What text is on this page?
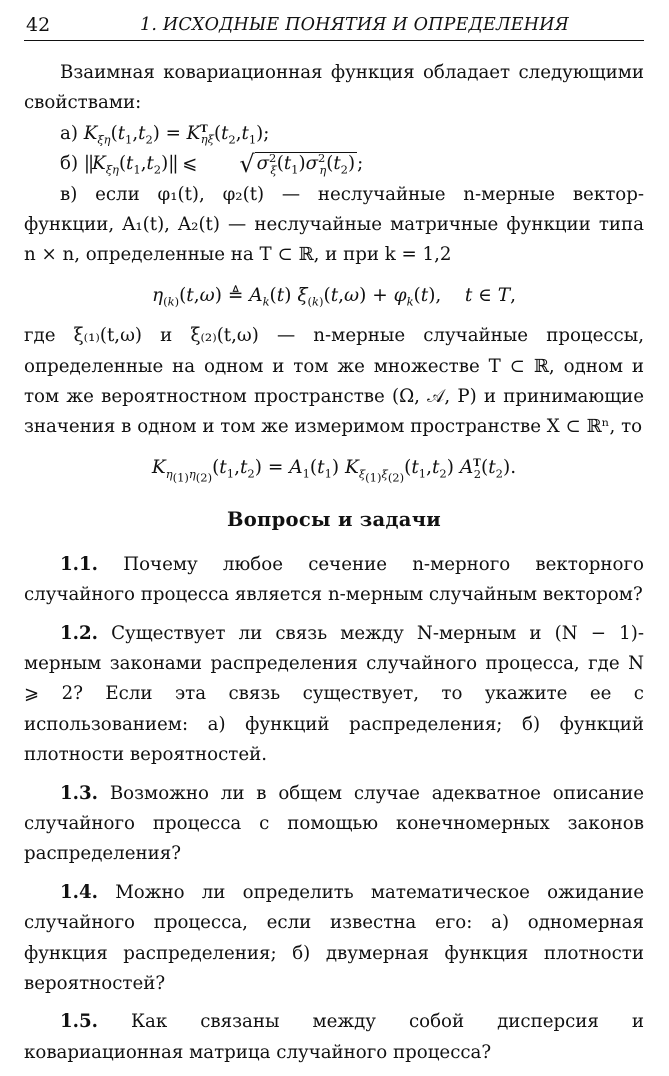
42	1. ИСХОДНЫЕ ПОНЯТИЯ И ОПРЕДЕЛЕНИЯ

Взаимная ковариационная функция обладает следующими свойствами:

а) $K_{\xi\eta}(t_1,t_2) = K^T_{\eta\xi}(t_2,t_1)$;

б) $||K_{\xi\eta}(t_1,t_2)||$ ⩽ √ $\sigma^2_\xi(t_1)\sigma^2_\eta(t_2)$ ;

в) если φ₁(t), φ₂(t) — неслучайные n-мерные вектор-функции, A₁(t), A₂(t) — неслучайные матричные функции типа n × n, определенные на T ⊂ ℝ, и при k = 1,2

$\eta_{(k)}(t,\omega)$ ≜ $A_k(t) \xi_{(k)}(t,\omega) + \varphi_k(t)$,    t ∈ T,

где ξ₍₁₎(t,ω) и ξ₍₂₎(t,ω) — n-мерные случайные процессы, определенные на одном и том же множестве T ⊂ ℝ, одном и том же вероятностном пространстве (Ω, 𝒜, P) и принимающие значения в одном и том же измеримом пространстве X ⊂ ℝⁿ, то

$K_{\eta_{(1)}\eta_{(2)}}(t_1,t_2) = A_1(t_1)$ $K_{\xi_{(1)}\xi_{(2)}}(t_1,t_2)$ $A^T_2(t_2)$.
Вопросы и задачи

1.1. Почему любое сечение n-мерного векторного случайного процесса является n-мерным случайным вектором?

1.2. Существует ли связь между N-мерным и (N − 1)-мерным законами распределения случайного процесса, где N ⩾ 2? Если эта связь существует, то укажите ее с использованием: а) функций распределения; б) функций плотности вероятностей.

1.3. Возможно ли в общем случае адекватное описание случайного процесса с помощью конечномерных законов распределения?

1.4. Можно ли определить математическое ожидание случайного процесса, если известна его: а) одномерная функция распределения; б) двумерная функция плотности вероятностей?

1.5. Как связаны между собой дисперсия и ковариационная матрица случайного процесса?
